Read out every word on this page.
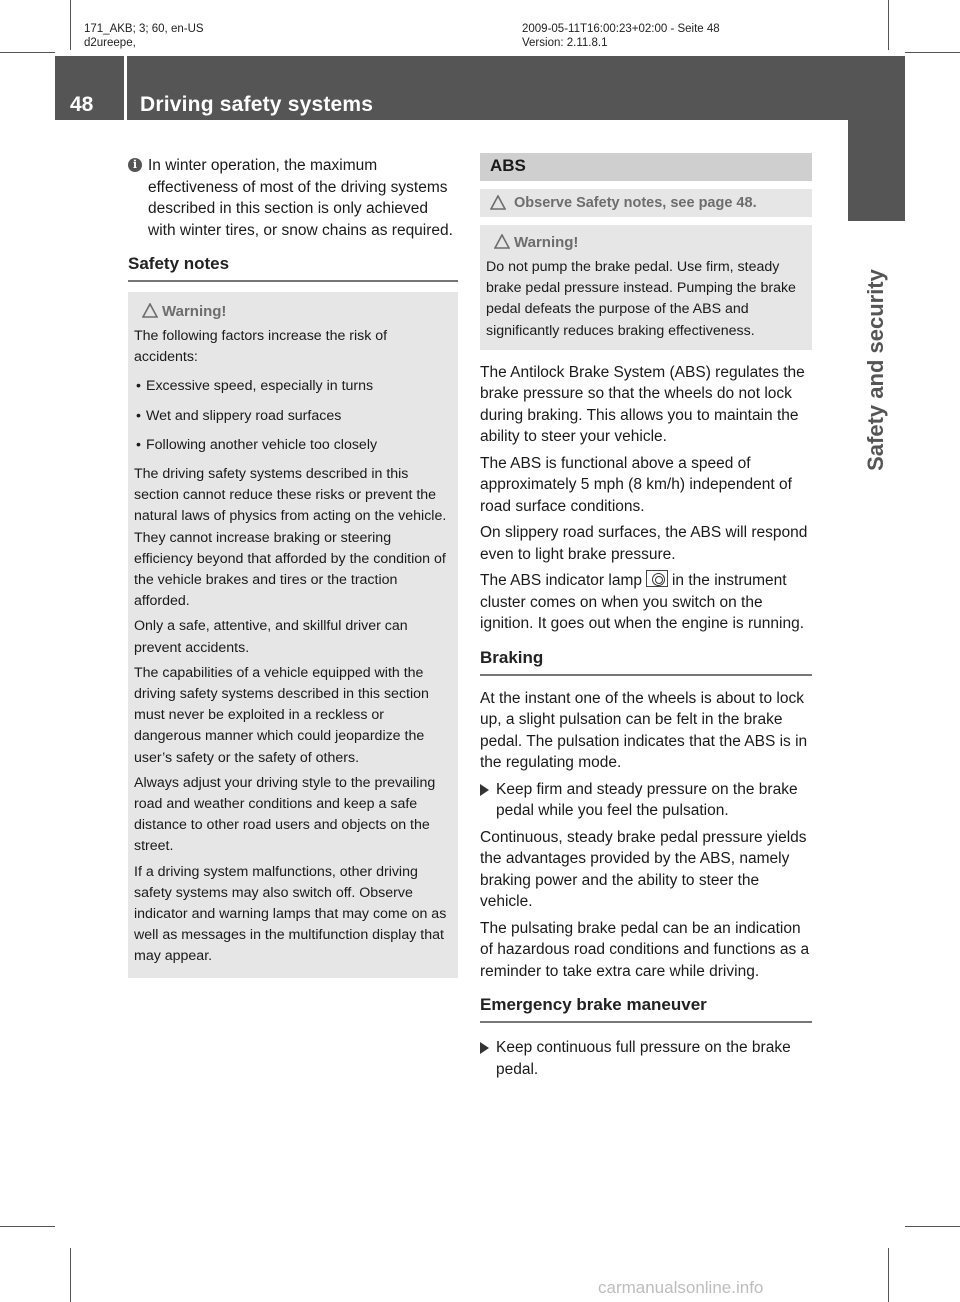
171_AKB; 3; 60, en-US
d2ureepe,
2009-05-11T16:00:23+02:00 - Seite 48
Version: 2.11.8.1
48 Driving safety systems
Safety and security
i In winter operation, the maximum effectiveness of most of the driving systems described in this section is only achieved with winter tires, or snow chains as required.
Safety notes
Warning!
The following factors increase the risk of accidents:
• Excessive speed, especially in turns
• Wet and slippery road surfaces
• Following another vehicle too closely
The driving safety systems described in this section cannot reduce these risks or prevent the natural laws of physics from acting on the vehicle. They cannot increase braking or steering efficiency beyond that afforded by the condition of the vehicle brakes and tires or the traction afforded.
Only a safe, attentive, and skillful driver can prevent accidents.
The capabilities of a vehicle equipped with the driving safety systems described in this section must never be exploited in a reckless or dangerous manner which could jeopardize the user’s safety or the safety of others.
Always adjust your driving style to the prevailing road and weather conditions and keep a safe distance to other road users and objects on the street.
If a driving system malfunctions, other driving safety systems may also switch off. Observe indicator and warning lamps that may come on as well as messages in the multifunction display that may appear.
ABS
Observe Safety notes, see page 48.
Warning!
Do not pump the brake pedal. Use firm, steady brake pedal pressure instead. Pumping the brake pedal defeats the purpose of the ABS and significantly reduces braking effectiveness.

The Antilock Brake System (ABS) regulates the brake pressure so that the wheels do not lock during braking. This allows you to maintain the ability to steer your vehicle.

The ABS is functional above a speed of approximately 5 mph (8 km/h) independent of road surface conditions.

On slippery road surfaces, the ABS will respond even to light brake pressure.

The ABS indicator lamp in the instrument cluster comes on when you switch on the ignition. It goes out when the engine is running.

Braking

At the instant one of the wheels is about to lock up, a slight pulsation can be felt in the brake pedal. The pulsation indicates that the ABS is in the regulating mode.

Keep firm and steady pressure on the brake pedal while you feel the pulsation.

Continuous, steady brake pedal pressure yields the advantages provided by the ABS, namely braking power and the ability to steer the vehicle.

The pulsating brake pedal can be an indication of hazardous road conditions and functions as a reminder to take extra care while driving.

Emergency brake maneuver
Keep continuous full pressure on the brake pedal.
carmanualsonline.info
